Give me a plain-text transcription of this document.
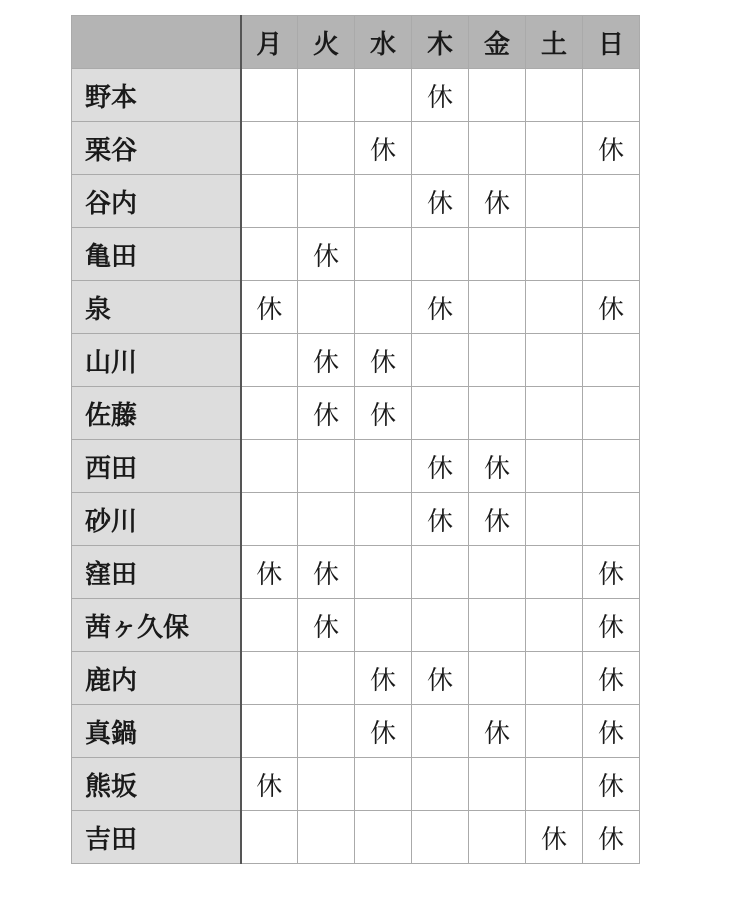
	月	火	水	木	金	土	日
野本				休			
栗谷			休				休
谷内				休	休		
亀田		休					
泉	休			休			休
山川		休	休				
佐藤		休	休				
西田				休	休		
砂川				休	休		
窪田	休	休					休
茜ヶ久保		休					休
鹿内			休	休			休
真鍋			休		休		休
熊坂	休						休
吉田						休	休
